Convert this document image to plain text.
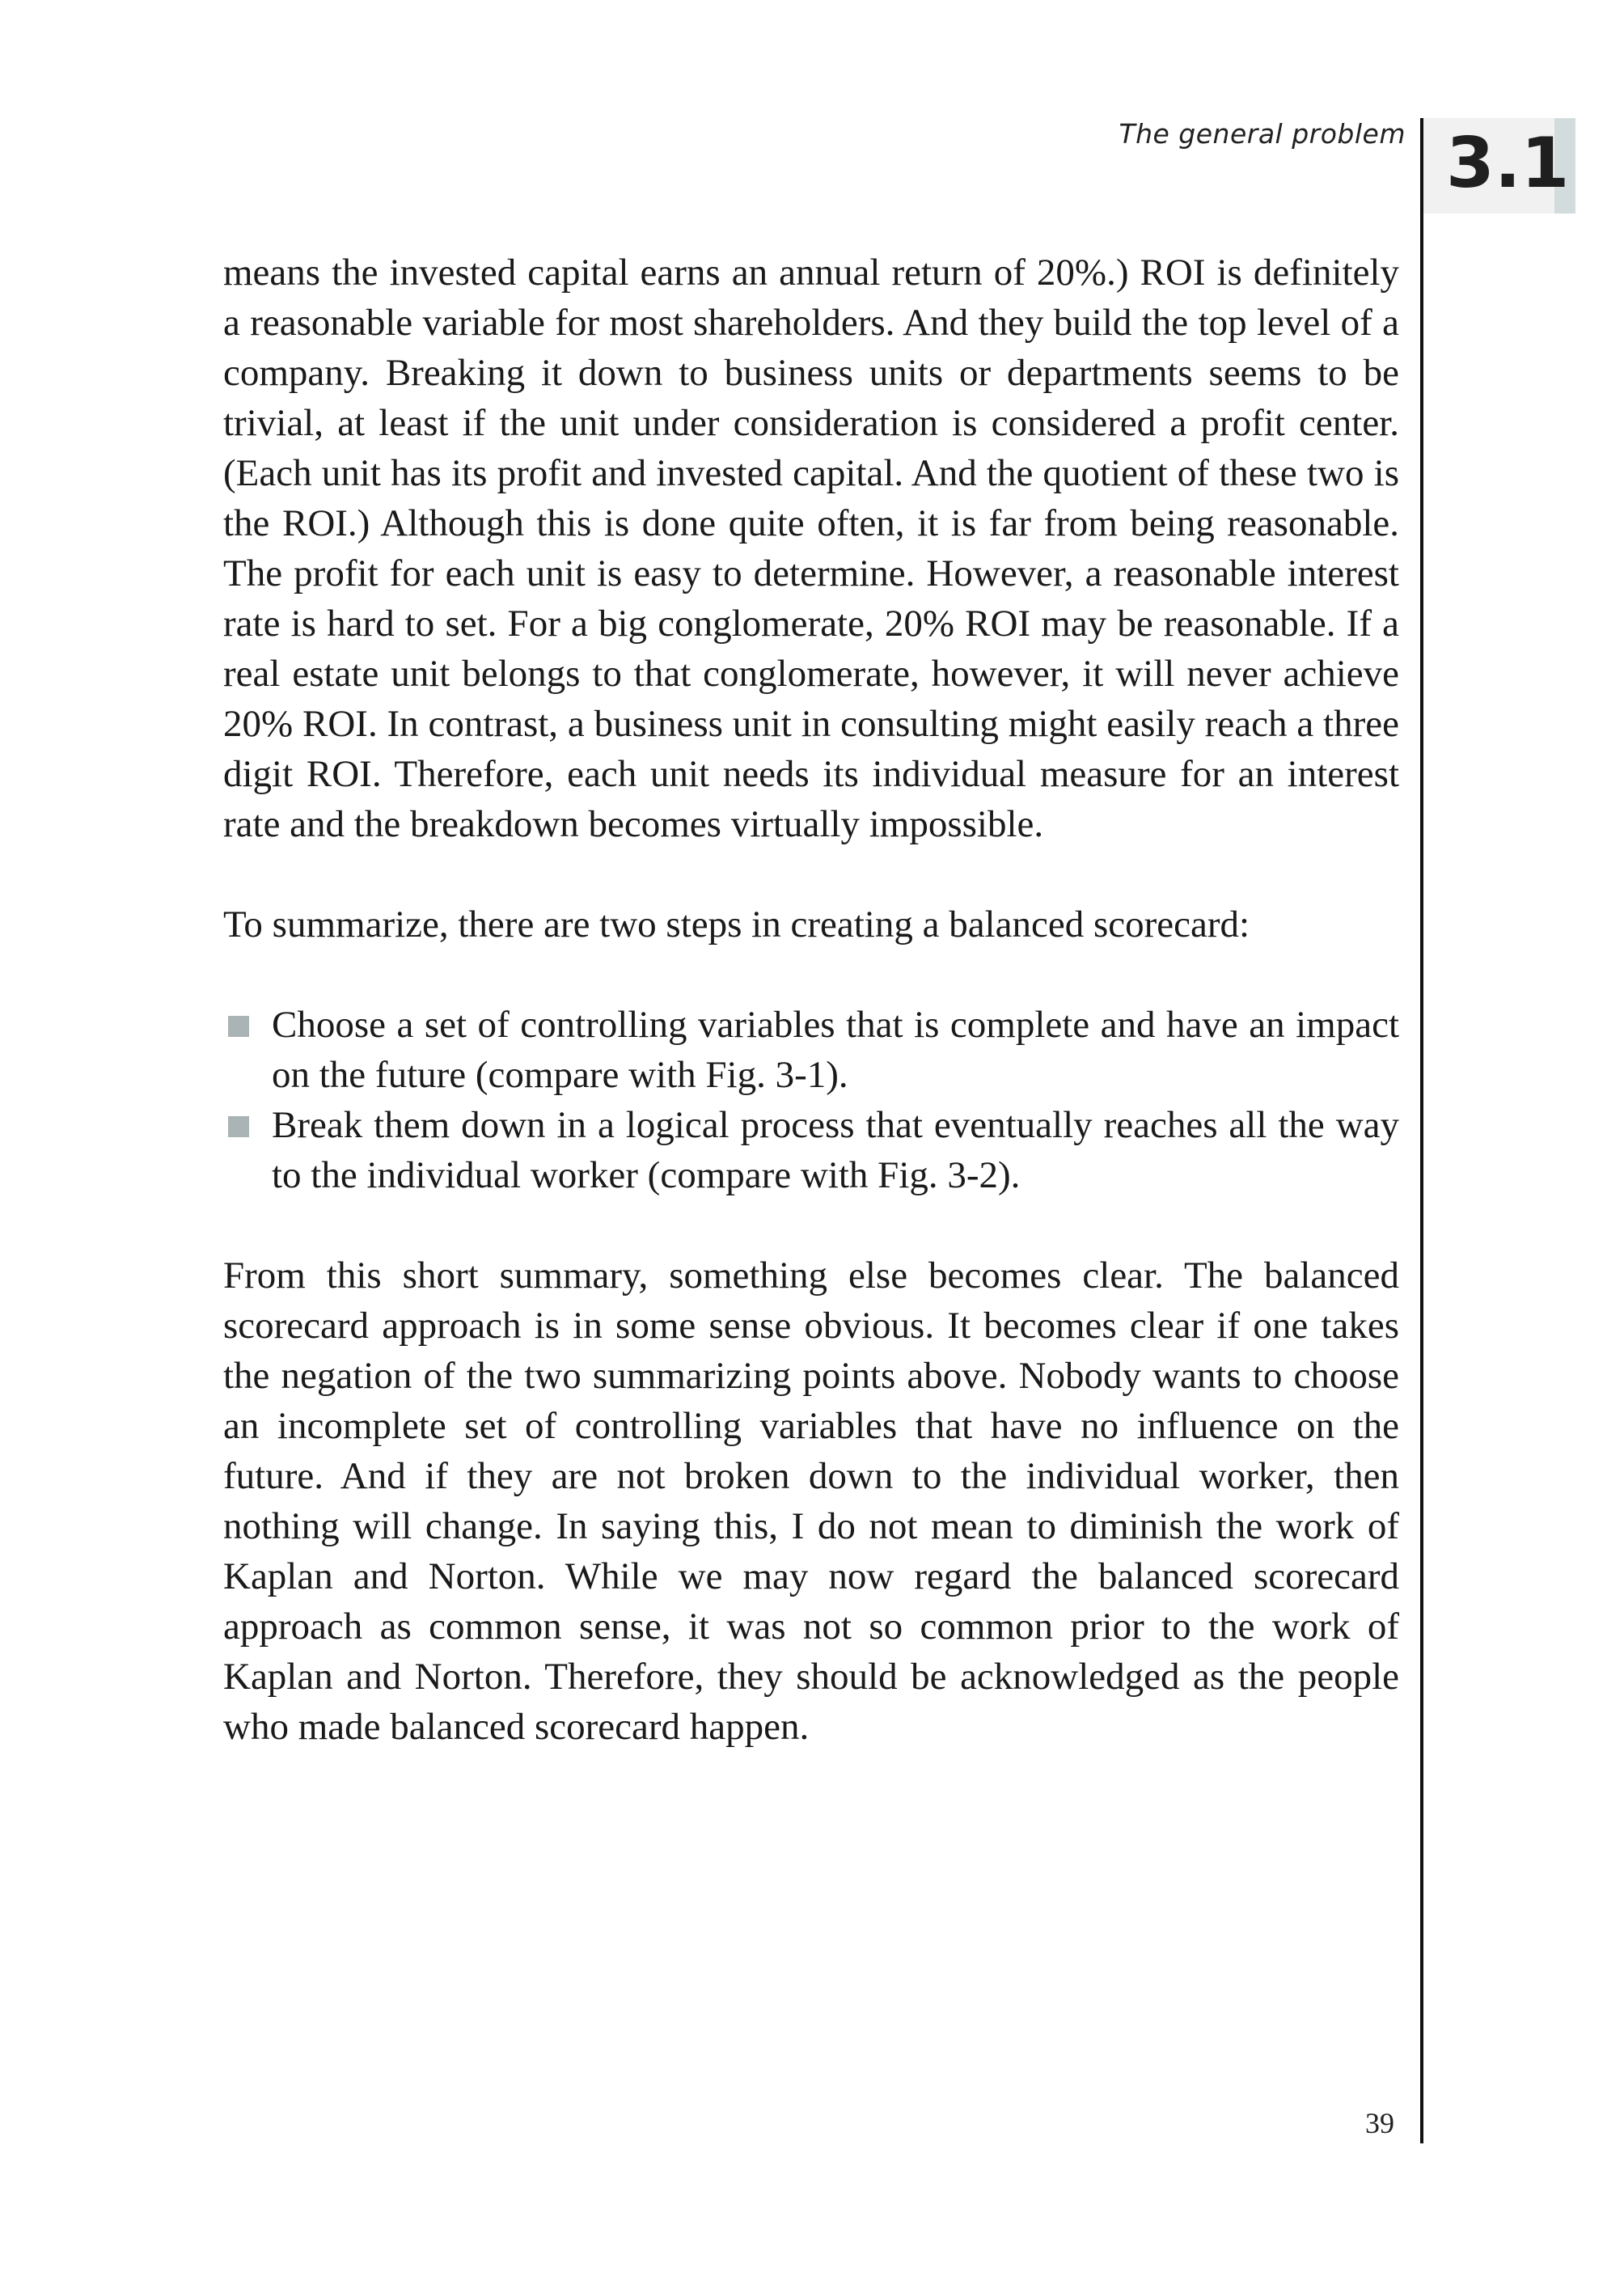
The general problem 3.1

means the invested capital earns an annual return of 20%.) ROI is definitely a reasonable variable for most shareholders. And they build the top level of a company. Breaking it down to business units or departments seems to be trivial, at least if the unit under consideration is considered a profit center. (Each unit has its profit and invested capital. And the quotient of these two is the ROI.) Although this is done quite often, it is far from being reasonable. The profit for each unit is easy to determine. However, a reasonable interest rate is hard to set. For a big conglomerate, 20% ROI may be reasonable. If a real estate unit belongs to that conglomerate, however, it will never achieve 20% ROI. In contrast, a business unit in consulting might easily reach a three digit ROI. Therefore, each unit needs its individual measure for an interest rate and the breakdown becomes virtually impossible.

To summarize, there are two steps in creating a balanced scorecard:

Choose a set of controlling variables that is complete and have an impact on the future (compare with Fig. 3-1).
Break them down in a logical process that eventually reaches all the way to the individual worker (compare with Fig. 3-2).

From this short summary, something else becomes clear. The balanced scorecard approach is in some sense obvious. It becomes clear if one takes the negation of the two summarizing points above. Nobody wants to choose an incomplete set of controlling variables that have no influence on the future. And if they are not broken down to the individual worker, then nothing will change. In saying this, I do not mean to diminish the work of Kaplan and Norton. While we may now regard the balanced scorecard approach as common sense, it was not so common prior to the work of Kaplan and Norton. Therefore, they should be acknowledged as the people who made balanced scorecard happen.

39
